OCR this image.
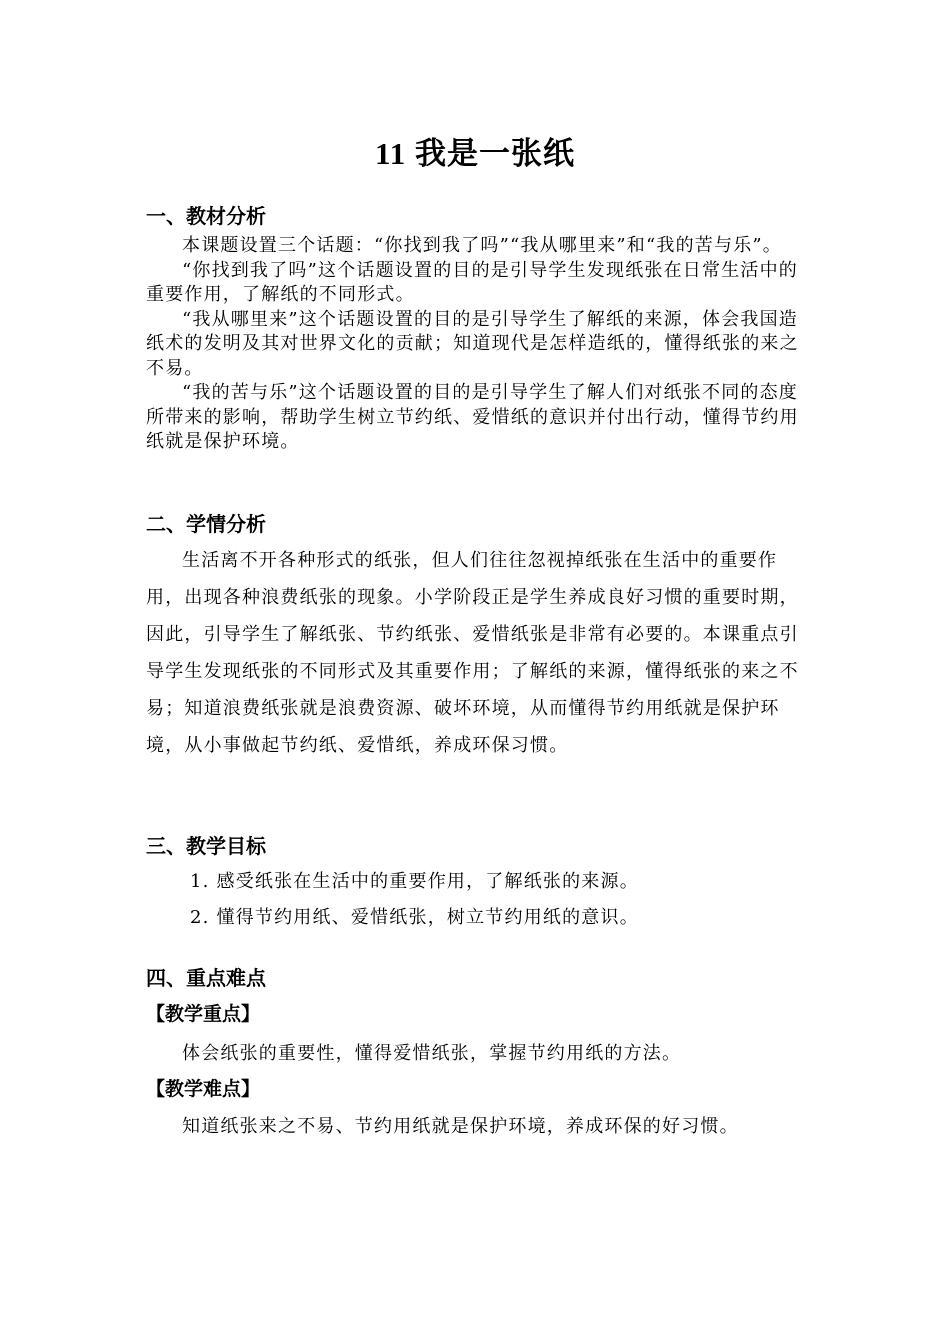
11 我是一张纸
一、教材分析

本课题设置三个话题：“你找到我了吗”“我从哪里来”和“我的苦与乐”。

“你找到我了吗”这个话题设置的目的是引导学生发现纸张在日常生活中的重要作用，了解纸的不同形式。

“我从哪里来”这个话题设置的目的是引导学生了解纸的来源，体会我国造纸术的发明及其对世界文化的贡献；知道现代是怎样造纸的，懂得纸张的来之不易。

“我的苦与乐”这个话题设置的目的是引导学生了解人们对纸张不同的态度所带来的影响，帮助学生树立节约纸、爱惜纸的意识并付出行动，懂得节约用纸就是保护环境。

二、学情分析

生活离不开各种形式的纸张，但人们往往忽视掉纸张在生活中的重要作用，出现各种浪费纸张的现象。小学阶段正是学生养成良好习惯的重要时期，因此，引导学生了解纸张、节约纸张、爱惜纸张是非常有必要的。本课重点引导学生发现纸张的不同形式及其重要作用；了解纸的来源，懂得纸张的来之不易；知道浪费纸张就是浪费资源、破坏环境，从而懂得节约用纸就是保护环境，从小事做起节约纸、爱惜纸，养成环保习惯。

三、教学目标

1. 感受纸张在生活中的重要作用，了解纸张的来源。

2. 懂得节约用纸、爱惜纸张，树立节约用纸的意识。

四、重点难点
【教学重点】

体会纸张的重要性，懂得爱惜纸张，掌握节约用纸的方法。

【教学难点】

知道纸张来之不易、节约用纸就是保护环境，养成环保的好习惯。
